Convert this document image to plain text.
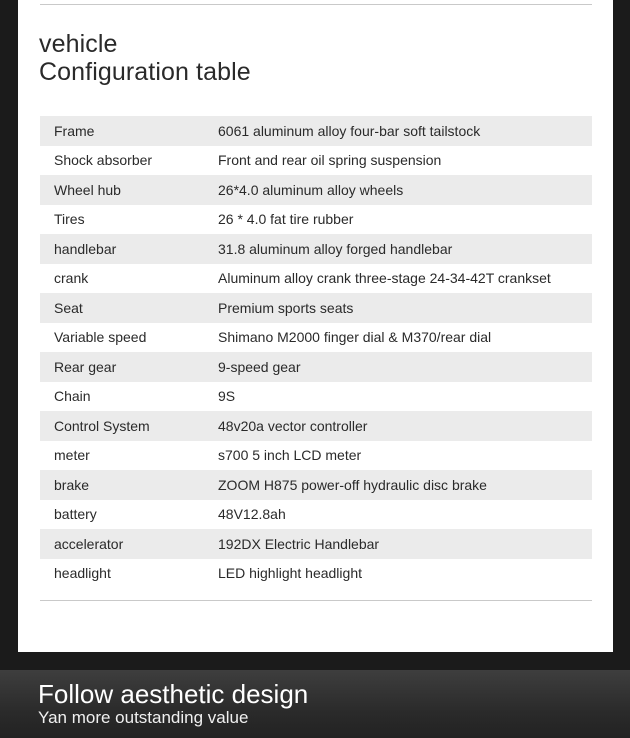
vehicle
Configuration table
Frame	6061 aluminum alloy four-bar soft tailstock
Shock absorber	Front and rear oil spring suspension
Wheel hub	26*4.0 aluminum alloy wheels
Tires	26 * 4.0 fat tire rubber
handlebar	31.8 aluminum alloy forged handlebar
crank	Aluminum alloy crank three-stage 24-34-42T crankset
Seat	Premium sports seats
Variable speed	Shimano M2000 finger dial & M370/rear dial
Rear gear	9-speed gear
Chain	9S
Control System	48v20a vector controller
meter	s700 5 inch LCD meter
brake	ZOOM H875 power-off hydraulic disc brake
battery	48V12.8ah
accelerator	192DX Electric Handlebar
headlight	LED highlight headlight
Follow aesthetic design
Yan more outstanding value
